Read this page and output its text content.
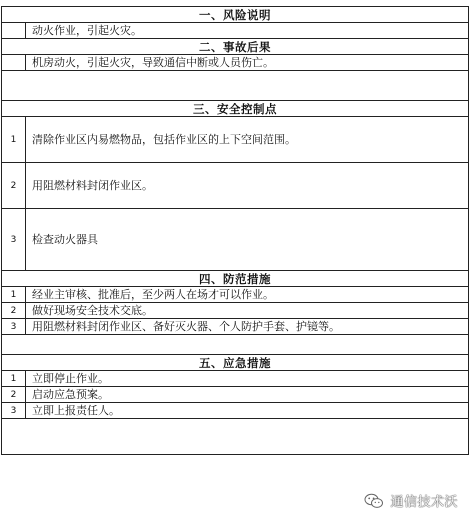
一、风险说明	
	动火作业，引起火灾。
二、事故后果	
	机房动火，引起火灾，导致通信中断或人员伤亡。

三、安全控制点	
1	清除作业区内易燃物品，包括作业区的上下空间范围。
2	用阻燃材料封闭作业区。
3	检查动火器具
四、防范措施	
1	经业主审核、批准后，至少两人在场才可以作业。
2	做好现场安全技术交底。
3	用阻燃材料封闭作业区、备好灭火器、个人防护手套、护镜等。

五、应急措施	
1	立即停止作业。
2	启动应急预案。
3	立即上报责任人。

通信技术沃
